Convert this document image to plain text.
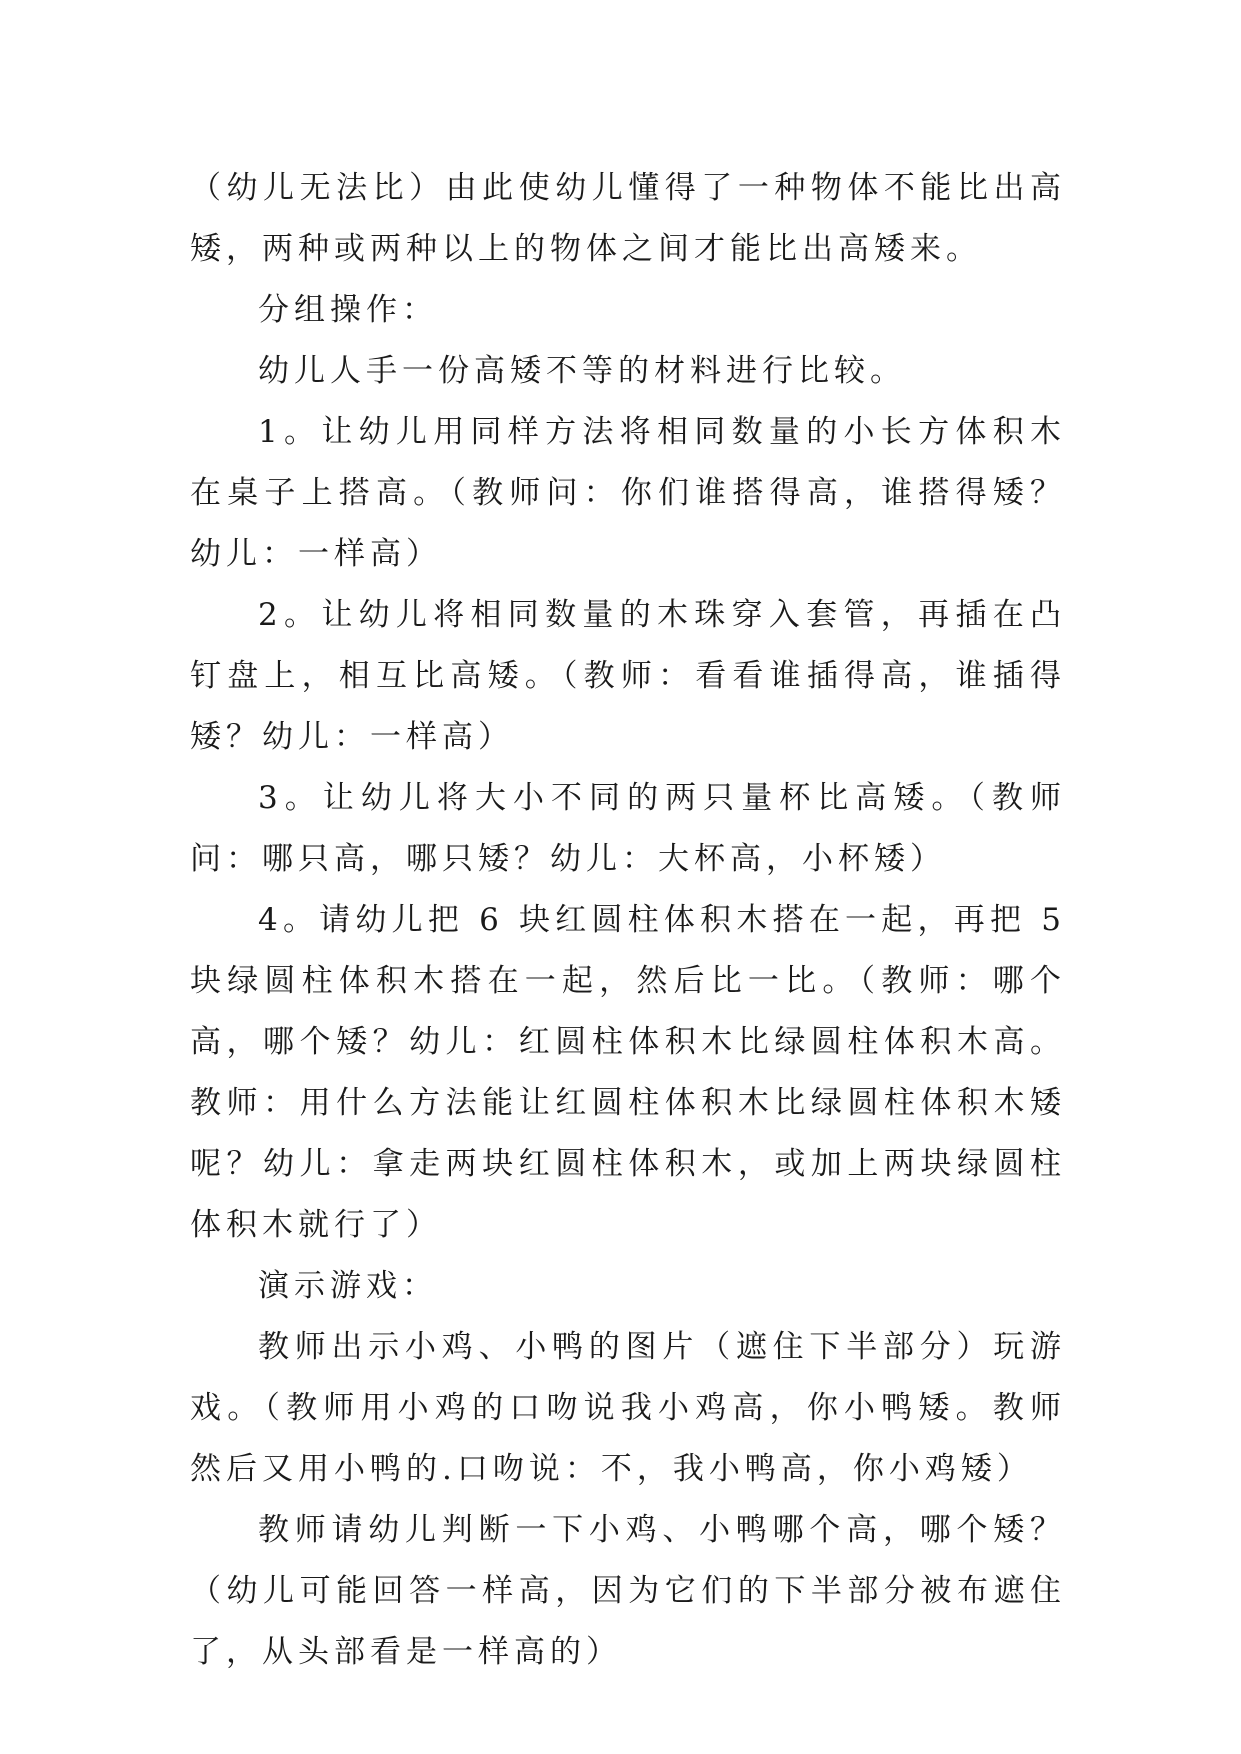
（幼儿无法比）由此使幼儿懂得了一种物体不能比出高矮，两种或两种以上的物体之间才能比出高矮来。

分组操作：

幼儿人手一份高矮不等的材料进行比较。

1。让幼儿用同样方法将相同数量的小长方体积木在桌子上搭高。（教师问：你们谁搭得高，谁搭得矮？幼儿：一样高）

2。让幼儿将相同数量的木珠穿入套管，再插在凸钉盘上，相互比高矮。（教师：看看谁插得高，谁插得矮？幼儿：一样高）

3。让幼儿将大小不同的两只量杯比高矮。（教师问：哪只高，哪只矮？幼儿：大杯高，小杯矮）

4。请幼儿把 6 块红圆柱体积木搭在一起，再把 5 块绿圆柱体积木搭在一起，然后比一比。（教师：哪个高，哪个矮？幼儿：红圆柱体积木比绿圆柱体积木高。教师：用什么方法能让红圆柱体积木比绿圆柱体积木矮呢？幼儿：拿走两块红圆柱体积木，或加上两块绿圆柱体积木就行了）

演示游戏：

教师出示小鸡、小鸭的图片（遮住下半部分）玩游戏。（教师用小鸡的口吻说我小鸡高，你小鸭矮。教师然后又用小鸭的.口吻说：不，我小鸭高，你小鸡矮）

教师请幼儿判断一下小鸡、小鸭哪个高，哪个矮？（幼儿可能回答一样高，因为它们的下半部分被布遮住了，从头部看是一样高的）
